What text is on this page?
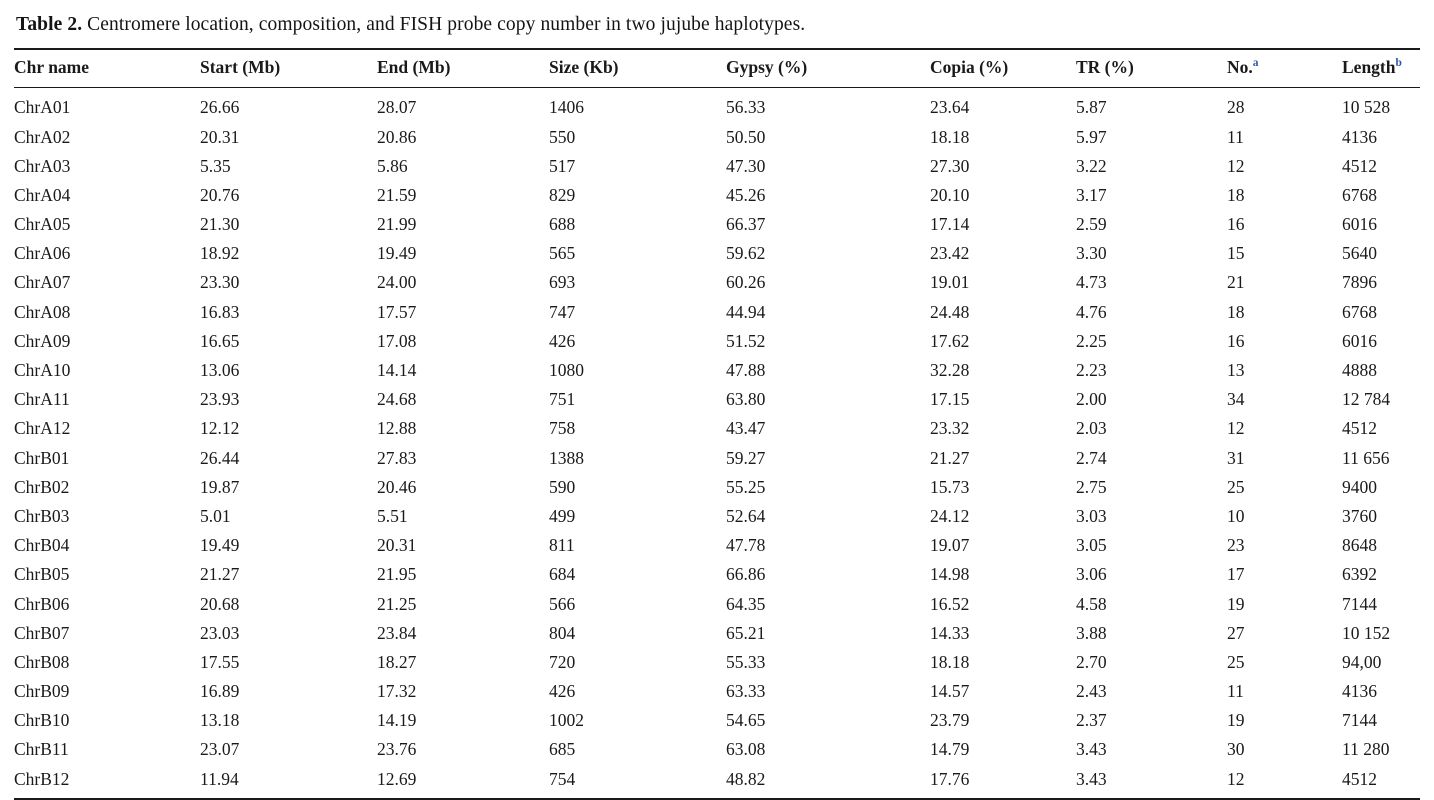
Table 2. Centromere location, composition, and FISH probe copy number in two jujube haplotypes.
Chr name	Start (Mb)	End (Mb)	Size (Kb)	Gypsy (%)	Copia (%)	TR (%)	No.$^a$	Length$^b$
ChrA01	26.66	28.07	1406	56.33	23.64	5.87	28	10 528
ChrA02	20.31	20.86	550	50.50	18.18	5.97	11	4136
ChrA03	5.35	5.86	517	47.30	27.30	3.22	12	4512
ChrA04	20.76	21.59	829	45.26	20.10	3.17	18	6768
ChrA05	21.30	21.99	688	66.37	17.14	2.59	16	6016
ChrA06	18.92	19.49	565	59.62	23.42	3.30	15	5640
ChrA07	23.30	24.00	693	60.26	19.01	4.73	21	7896
ChrA08	16.83	17.57	747	44.94	24.48	4.76	18	6768
ChrA09	16.65	17.08	426	51.52	17.62	2.25	16	6016
ChrA10	13.06	14.14	1080	47.88	32.28	2.23	13	4888
ChrA11	23.93	24.68	751	63.80	17.15	2.00	34	12 784
ChrA12	12.12	12.88	758	43.47	23.32	2.03	12	4512
ChrB01	26.44	27.83	1388	59.27	21.27	2.74	31	11 656
ChrB02	19.87	20.46	590	55.25	15.73	2.75	25	9400
ChrB03	5.01	5.51	499	52.64	24.12	3.03	10	3760
ChrB04	19.49	20.31	811	47.78	19.07	3.05	23	8648
ChrB05	21.27	21.95	684	66.86	14.98	3.06	17	6392
ChrB06	20.68	21.25	566	64.35	16.52	4.58	19	7144
ChrB07	23.03	23.84	804	65.21	14.33	3.88	27	10 152
ChrB08	17.55	18.27	720	55.33	18.18	2.70	25	94,00
ChrB09	16.89	17.32	426	63.33	14.57	2.43	11	4136
ChrB10	13.18	14.19	1002	54.65	23.79	2.37	19	7144
ChrB11	23.07	23.76	685	63.08	14.79	3.43	30	11 280
ChrB12	11.94	12.69	754	48.82	17.76	3.43	12	4512
